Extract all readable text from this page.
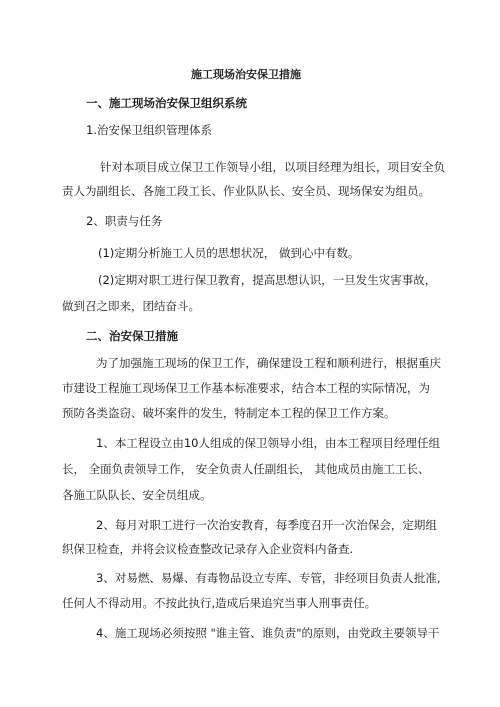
施工现场治安保卫措施
一、施工现场治安保卫组织系统
1.治安保卫组织管理体系
针对本项目成立保卫工作领导小组，以项目经理为组长，项目安全负
责人为副组长、各施工段工长、作业队队长、安全员、现场保安为组员。
2、职责与任务
(1)定期分析施工人员的思想状况， 做到心中有数。
(2)定期对职工进行保卫教育，提高思想认识，一旦发生灾害事故，
做到召之即来，团结奋斗。
二、治安保卫措施
为了加强施工现场的保卫工作，确保建设工程和顺利进行，根据重庆
市建设工程施工现场保卫工作基本标准要求，结合本工程的实际情况，为
预防各类盗窃、破坏案件的发生，特制定本工程的保卫工作方案。
1、本工程设立由10人组成的保卫领导小组，由本工程项目经理任组
长， 全面负责领导工作， 安全负责人任副组长， 其他成员由施工工长、
各施工队队长、安全员组成。
2、每月对职工进行一次治安教育，每季度召开一次治保会，定期组
织保卫检查，并将会议检查整改记录存入企业资料内备查.
3、对易燃、易爆、有毒物品设立专库、专管，非经项目负责人批准,
任何人不得动用。不按此执行,造成后果追究当事人刑事责任。
4、施工现场必须按照 "谁主管、谁负责"的原则，由党政主要领导干
